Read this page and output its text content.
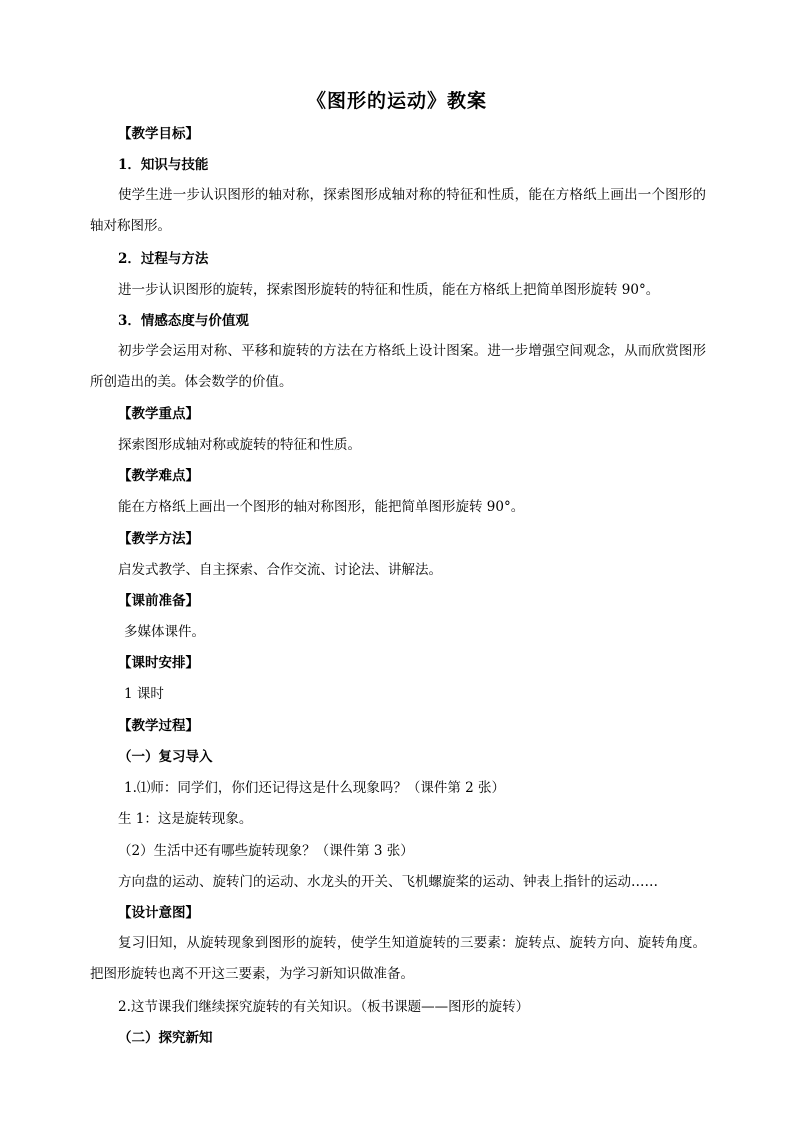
《图形的运动》教案
【教学目标】
1．知识与技能
使学生进一步认识图形的轴对称，探索图形成轴对称的特征和性质，能在方格纸上画出一个图形的轴对称图形。
2．过程与方法
进一步认识图形的旋转，探索图形旋转的特征和性质，能在方格纸上把简单图形旋转 90°。
3．情感态度与价值观
初步学会运用对称、平移和旋转的方法在方格纸上设计图案。进一步增强空间观念，从而欣赏图形所创造出的美。体会数学的价值。
【教学重点】
探索图形成轴对称或旋转的特征和性质。
【教学难点】
能在方格纸上画出一个图形的轴对称图形，能把简单图形旋转 90°。
【教学方法】
启发式教学、自主探索、合作交流、讨论法、讲解法。
【课前准备】
多媒体课件。
【课时安排】
1 课时
【教学过程】
（一）复习导入
1.⑴师：同学们，你们还记得这是什么现象吗？（课件第 2 张）
生 1：这是旋转现象。
（2）生活中还有哪些旋转现象？（课件第 3 张）
方向盘的运动、旋转门的运动、水龙头的开关、飞机螺旋桨的运动、钟表上指针的运动……
【设计意图】
复习旧知，从旋转现象到图形的旋转，使学生知道旋转的三要素：旋转点、旋转方向、旋转角度。把图形旋转也离不开这三要素，为学习新知识做准备。
2.这节课我们继续探究旋转的有关知识。（板书课题——图形的旋转）
（二）探究新知
